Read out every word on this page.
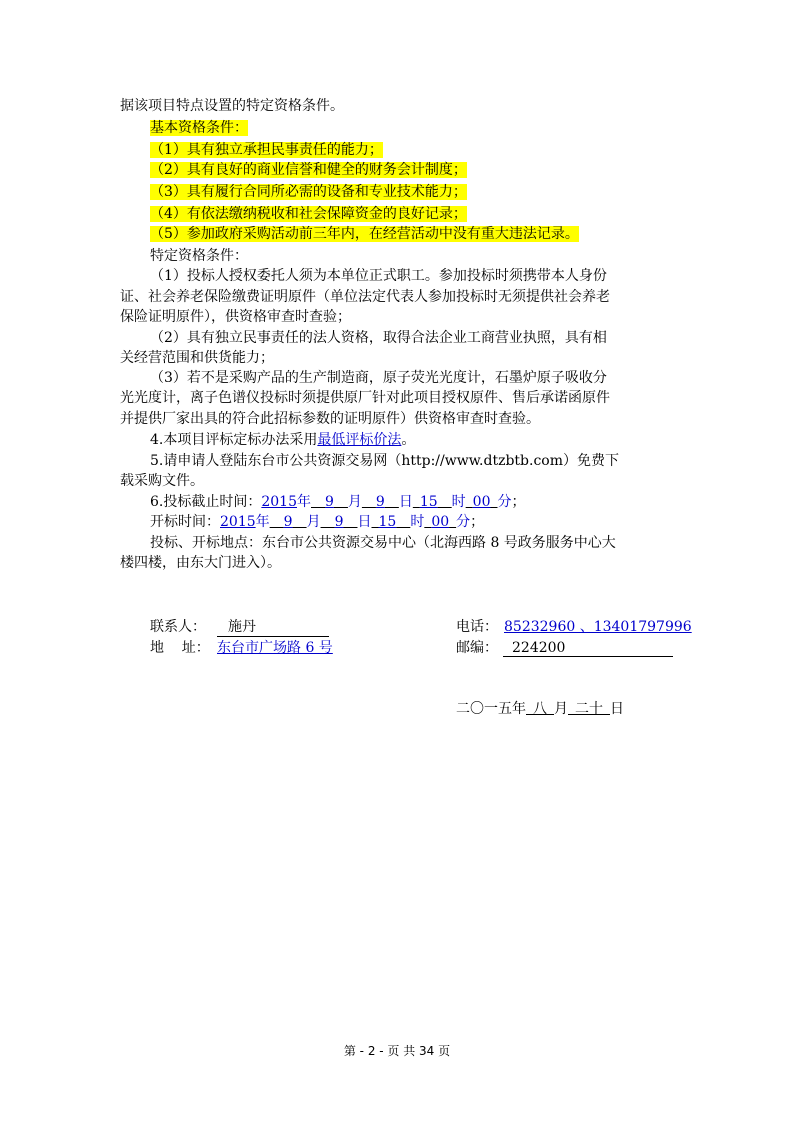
据该项目特点设置的特定资格条件。
基本资格条件：
（1）具有独立承担民事责任的能力；
（2）具有良好的商业信誉和健全的财务会计制度；
（3）具有履行合同所必需的设备和专业技术能力；
（4）有依法缴纳税收和社会保障资金的良好记录；
（5）参加政府采购活动前三年内，在经营活动中没有重大违法记录。
特定资格条件：
（1）投标人授权委托人须为本单位正式职工。参加投标时须携带本人身份
证、社会养老保险缴费证明原件（单位法定代表人参加投标时无须提供社会养老
保险证明原件），供资格审查时查验；
（2）具有独立民事责任的法人资格，取得合法企业工商营业执照，具有相
关经营范围和供货能力；
（3）若不是采购产品的生产制造商，原子荧光光度计，石墨炉原子吸收分
光光度计，离子色谱仪投标时须提供原厂针对此项目授权原件、售后承诺函原件
并提供厂家出具的符合此招标参数的证明原件）供资格审查时查验。
4.本项目评标定标办法采用最低评标价法。
5.请申请人登陆东台市公共资源交易网（http://www.dtzbtb.com）免费下
载采购文件。
6.投标截止时间：2015年   9   月   9   日  15   时  00  分；
开标时间：2015年   9   月   9   日  15   时  00  分；
投标、开标地点：东台市公共资源交易中心（北海西路 8 号政务服务中心大
楼四楼，由东大门进入）。
联系人： 施丹	电话： 85232960 、13401797996
地    址： 东台市广场路 6 号	邮编： 224200
二〇一五年  八  月  二十  日
第 - 2 - 页 共 34 页
